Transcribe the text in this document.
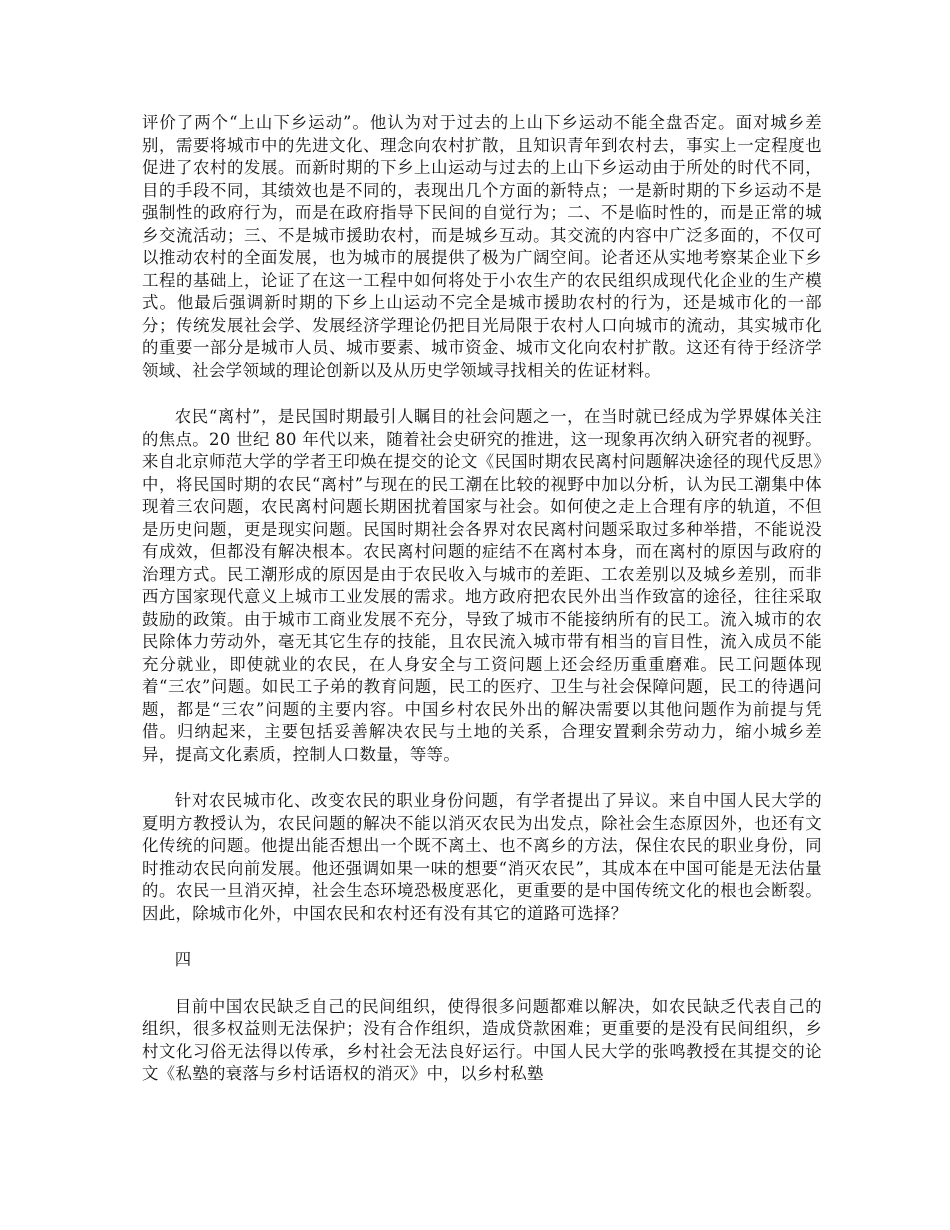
评价了两个“上山下乡运动”。他认为对于过去的上山下乡运动不能全盘否定。面对城乡差别，需要将城市中的先进文化、理念向农村扩散，且知识青年到农村去，事实上一定程度也促进了农村的发展。而新时期的下乡上山运动与过去的上山下乡运动由于所处的时代不同，目的手段不同，其绩效也是不同的，表现出几个方面的新特点；一是新时期的下乡运动不是强制性的政府行为，而是在政府指导下民间的自觉行为；二、不是临时性的，而是正常的城乡交流活动；三、不是城市援助农村，而是城乡互动。其交流的内容中广泛多面的，不仅可以推动农村的全面发展，也为城市的展提供了极为广阔空间。论者还从实地考察某企业下乡工程的基础上，论证了在这一工程中如何将处于小农生产的农民组织成现代化企业的生产模式。他最后强调新时期的下乡上山运动不完全是城市援助农村的行为，还是城市化的一部分；传统发展社会学、发展经济学理论仍把目光局限于农村人口向城市的流动，其实城市化的重要一部分是城市人员、城市要素、城市资金、城市文化向农村扩散。这还有待于经济学领域、社会学领域的理论创新以及从历史学领域寻找相关的佐证材料。

农民“离村”，是民国时期最引人瞩目的社会问题之一，在当时就已经成为学界媒体关注的焦点。20 世纪 80 年代以来，随着社会史研究的推进，这一现象再次纳入研究者的视野。来自北京师范大学的学者王印焕在提交的论文《民国时期农民离村问题解决途径的现代反思》中，将民国时期的农民“离村”与现在的民工潮在比较的视野中加以分析，认为民工潮集中体现着三农问题，农民离村问题长期困扰着国家与社会。如何使之走上合理有序的轨道，不但是历史问题，更是现实问题。民国时期社会各界对农民离村问题采取过多种举措，不能说没有成效，但都没有解决根本。农民离村问题的症结不在离村本身，而在离村的原因与政府的治理方式。民工潮形成的原因是由于农民收入与城市的差距、工农差别以及城乡差别，而非西方国家现代意义上城市工业发展的需求。地方政府把农民外出当作致富的途径，往往采取鼓励的政策。由于城市工商业发展不充分，导致了城市不能接纳所有的民工。流入城市的农民除体力劳动外，毫无其它生存的技能，且农民流入城市带有相当的盲目性，流入成员不能充分就业，即使就业的农民，在人身安全与工资问题上还会经历重重磨难。民工问题体现着“三农”问题。如民工子弟的教育问题，民工的医疗、卫生与社会保障问题，民工的待遇问题，都是“三农”问题的主要内容。中国乡村农民外出的解决需要以其他问题作为前提与凭借。归纳起来，主要包括妥善解决农民与土地的关系，合理安置剩余劳动力，缩小城乡差异，提高文化素质，控制人口数量，等等。

针对农民城市化、改变农民的职业身份问题，有学者提出了异议。来自中国人民大学的夏明方教授认为，农民问题的解决不能以消灭农民为出发点，除社会生态原因外，也还有文化传统的问题。他提出能否想出一个既不离土、也不离乡的方法，保住农民的职业身份，同时推动农民向前发展。他还强调如果一味的想要“消灭农民”，其成本在中国可能是无法估量的。农民一旦消灭掉，社会生态环境恐极度恶化，更重要的是中国传统文化的根也会断裂。因此，除城市化外，中国农民和农村还有没有其它的道路可选择？

四

目前中国农民缺乏自己的民间组织，使得很多问题都难以解决，如农民缺乏代表自己的组织，很多权益则无法保护；没有合作组织，造成贷款困难；更重要的是没有民间组织，乡村文化习俗无法得以传承，乡村社会无法良好运行。中国人民大学的张鸣教授在其提交的论文《私塾的衰落与乡村话语权的消灭》中，以乡村私塾
